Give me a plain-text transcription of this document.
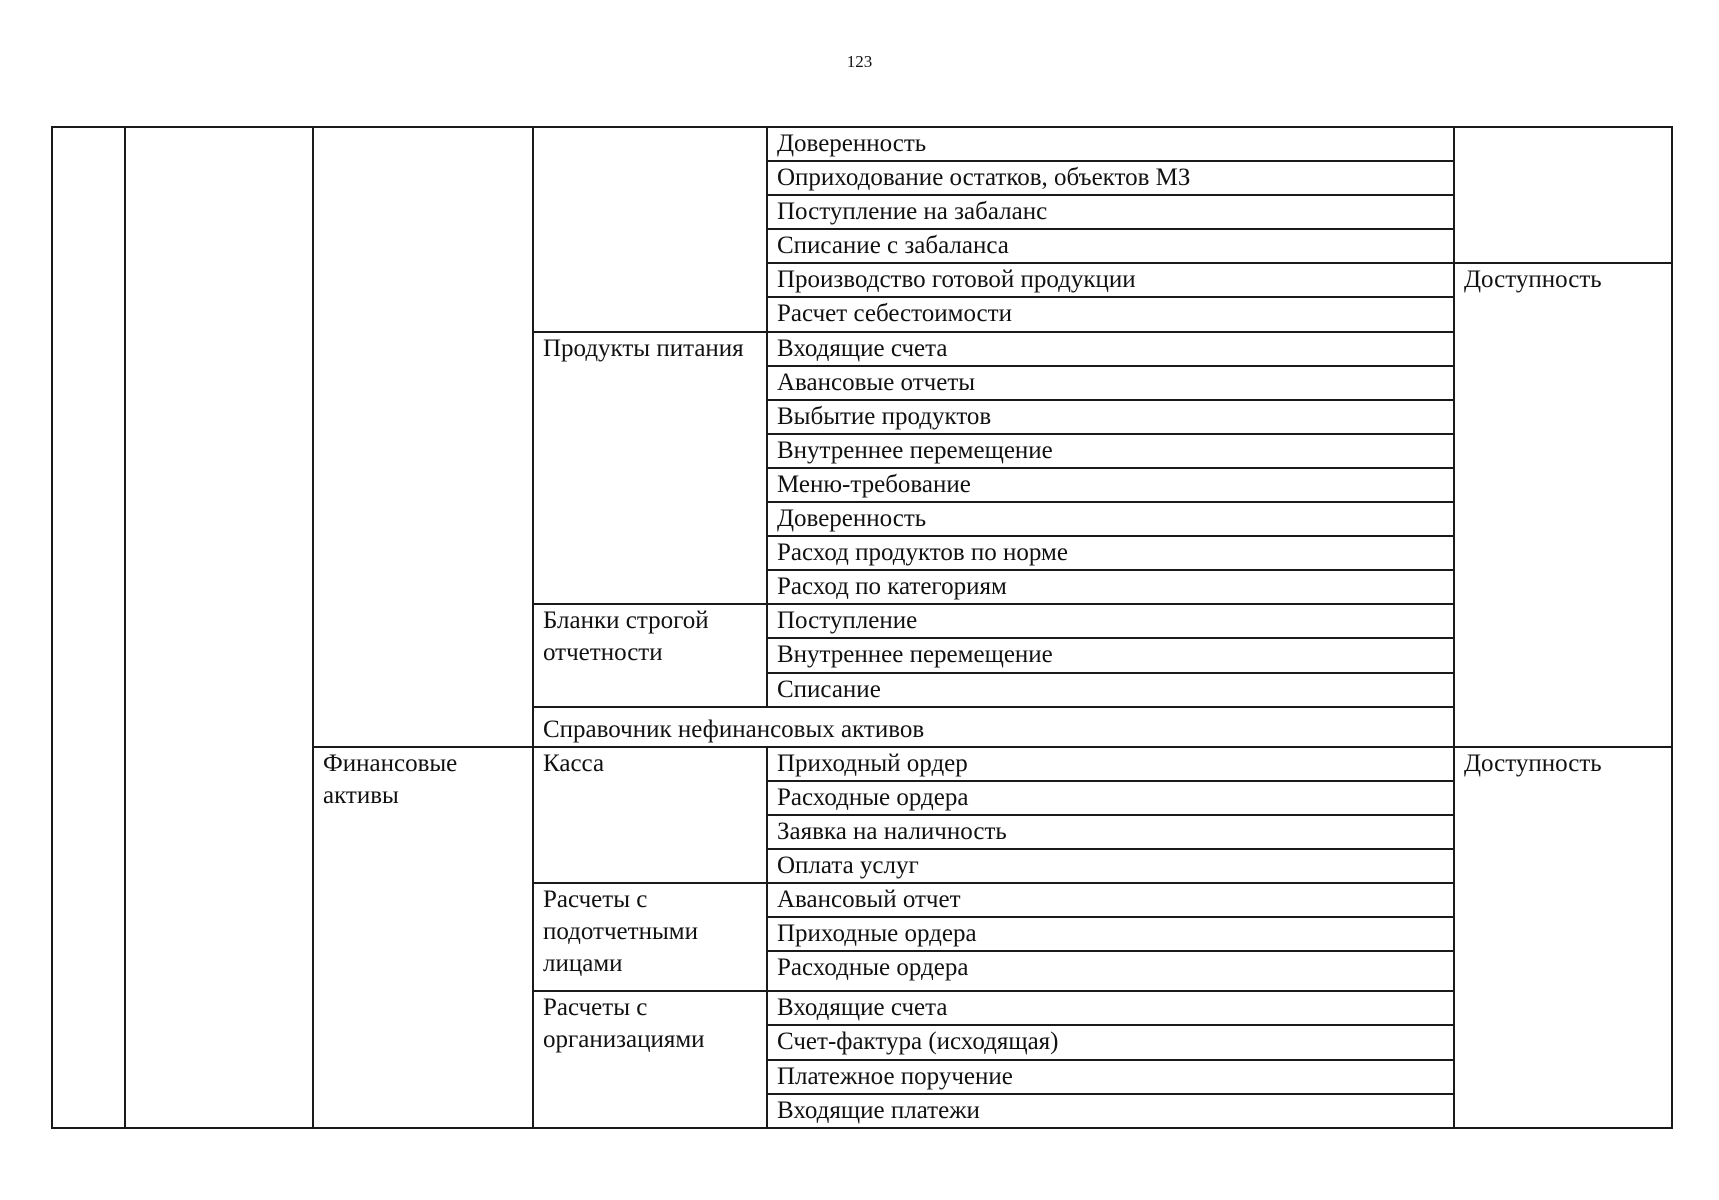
123
				Доверенность	
				Оприходование остатков, объектов МЗ	
				Поступление на забаланс	
				Списание с забаланса	
				Производство готовой продукции	Доступность
				Расчет себестоимости	
			Продукты питания	Входящие счета	
				Авансовые отчеты	
				Выбытие продуктов	
				Внутреннее перемещение	
				Меню-требование	
				Доверенность	
				Расход продуктов по норме	
				Расход по категориям	
			Бланки строгой отчетности	Поступление	
				Внутреннее перемещение	
				Списание	
			Справочник нефинансовых активов		
		Финансовые активы	Касса	Приходный ордер	Доступность
				Расходные ордера	
				Заявка на наличность	
				Оплата услуг	
			Расчеты с подотчетными лицами	Авансовый отчет	
				Приходные ордера	
				Расходные ордера	
			Расчеты с организациями	Входящие счета	
				Счет-фактура (исходящая)	
				Платежное поручение	
				Входящие платежи	
